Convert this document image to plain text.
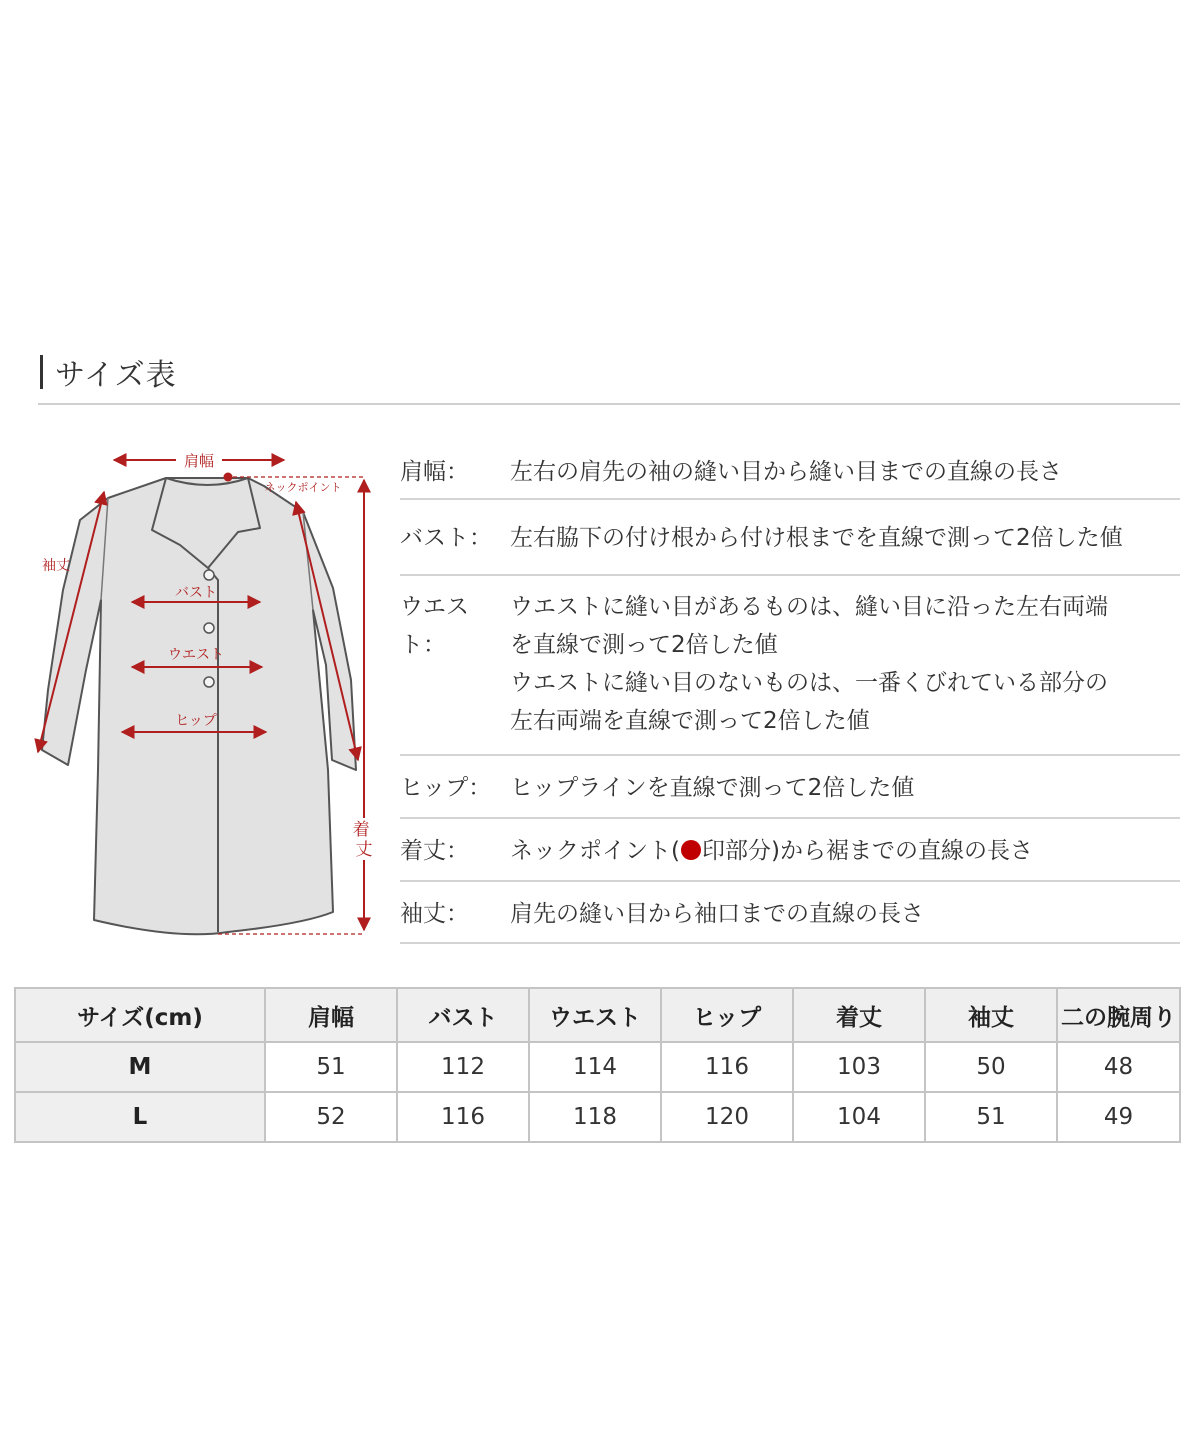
サイズ表
肩幅
ネックポイント
袖丈
バスト
ウエスト
ヒップ
着 丈
肩幅：	左右の肩先の袖の縫い目から縫い目までの直線の長さ
バスト： 左右脇下の付け根から付け根までを直線で測って2倍した値
ウエスト：
ウエストに縫い目があるものは、縫い目に沿った左右両端
を直線で測って2倍した値
ウエストに縫い目のないものは、一番くびれている部分の
左右両端を直線で測って2倍した値
ヒップ： ヒップラインを直線で測って2倍した値
着丈：	ネックポイント( 印部分)から裾までの直線の長さ
袖丈：	肩先の縫い目から袖口までの直線の長さ
サイズ(cm)	肩幅	バスト	ウエスト	ヒップ	着丈	袖丈	二の腕周り
M	51	112	114	116	103	50	48
L	52	116	118	120	104	51	49
